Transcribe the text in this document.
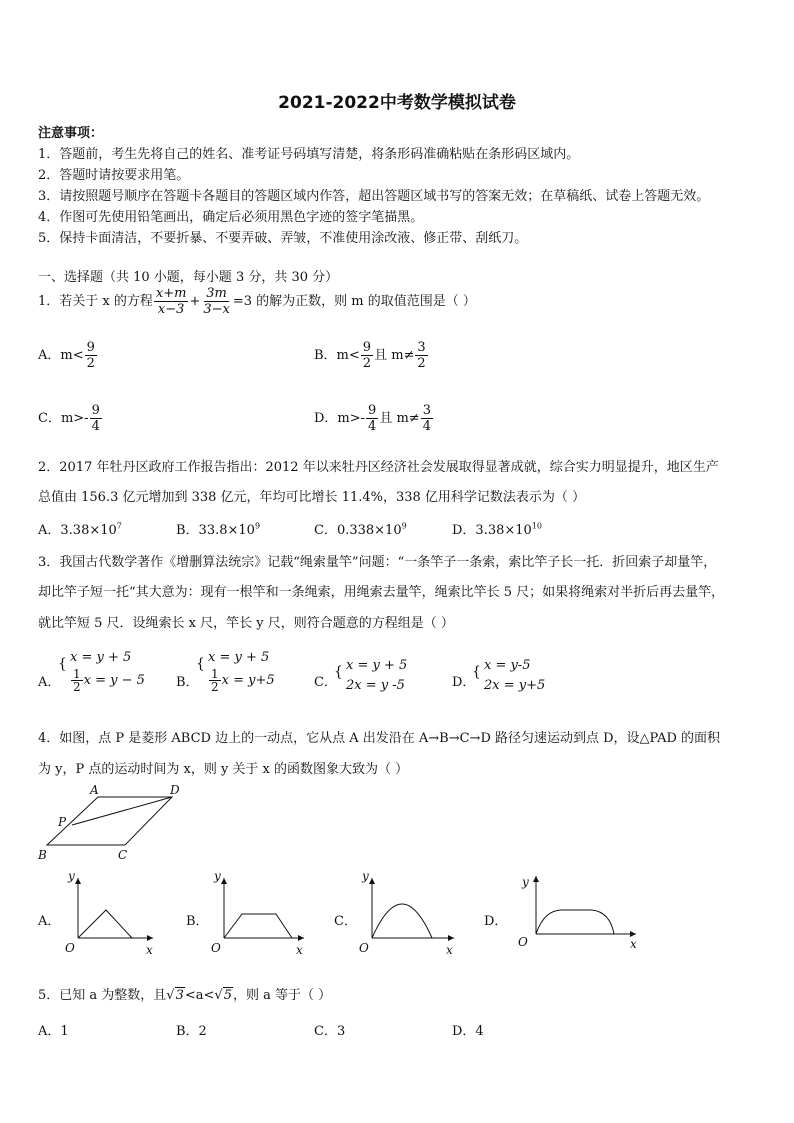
2021-2022中考数学模拟试卷
注意事项：
1．答题前，考生先将自己的姓名、准考证号码填写清楚，将条形码准确粘贴在条形码区域内。
2．答题时请按要求用笔。
3．请按照题号顺序在答题卡各题目的答题区域内作答，超出答题区域书写的答案无效；在草稿纸、试卷上答题无效。
4．作图可先使用铅笔画出，确定后必须用黑色字迹的签字笔描黑。
5．保持卡面清洁，不要折暴、不要弄破、弄皱，不准使用涂改液、修正带、刮纸刀。
一、选择题（共 10 小题，每小题 3 分，共 30 分）
1．若关于 x 的方程 $\frac{x+m}{x-3} + \frac{3m}{3-x} =3$ 的解为正数，则 m 的取值范围是（ ）
A．$m< \frac{9}{2}$	B．$m< \frac{9}{2}$ 且 $m\ne \frac{3}{2}$
C．$m>- \frac{9}{4}$	D．$m>- \frac{9}{4}$ 且 $m\ne \frac{3}{4}$
2．2017 年牡丹区政府工作报告指出：2012 年以来牡丹区经济社会发展取得显著成就，综合实力明显提升，地区生产
总值由 156.3 亿元增加到 338 亿元，年均可比增长 11.4%，338 亿用科学记数法表示为（ ）
A．$3.38\times 10^7$	B．$33.8\times 10^9$	C．$0.338\times 10^9$	D．$3.38\times 10^{10}$
3．我国古代数学著作《增删算法统宗》记载“绳索量竿”问题：“一条竿子一条索，索比竿子长一托．折回索子却量竿，
却比竿子短一托“其大意为：现有一根竿和一条绳索，用绳索去量竿，绳索比竿长 5 尺；如果将绳索对半折后再去量竿，
就比竿短 5 尺．设绳索长 x 尺，竿长 y 尺，则符合题意的方程组是（ ）
A．
{ x = y + 5
$\frac{1}{2}$ x = y − 5 B．
{ x = y + 5
$\frac{1}{2}$ x = y+5	C．
{ x = y + 5
2x = y -5	D．
{ x = y-5
2x = y+5
4．如图，点 P 是菱形 ABCD 边上的一动点，它从点 A 出发沿在 A→B→C→D 路径匀速运动到点 D，设△PAD 的面积
为 y，P 点的运动时间为 x，则 y 关于 x 的函数图象大致为（ ）
A	D
P
B	C
A．
y
x
O
B．
y
x
O
C．
y
x
O
D．
y
x
O
5．已知 a 为整数，且√3<a<√5，则 a 等于（ ）
A．1	B．2	C．3	D．4
